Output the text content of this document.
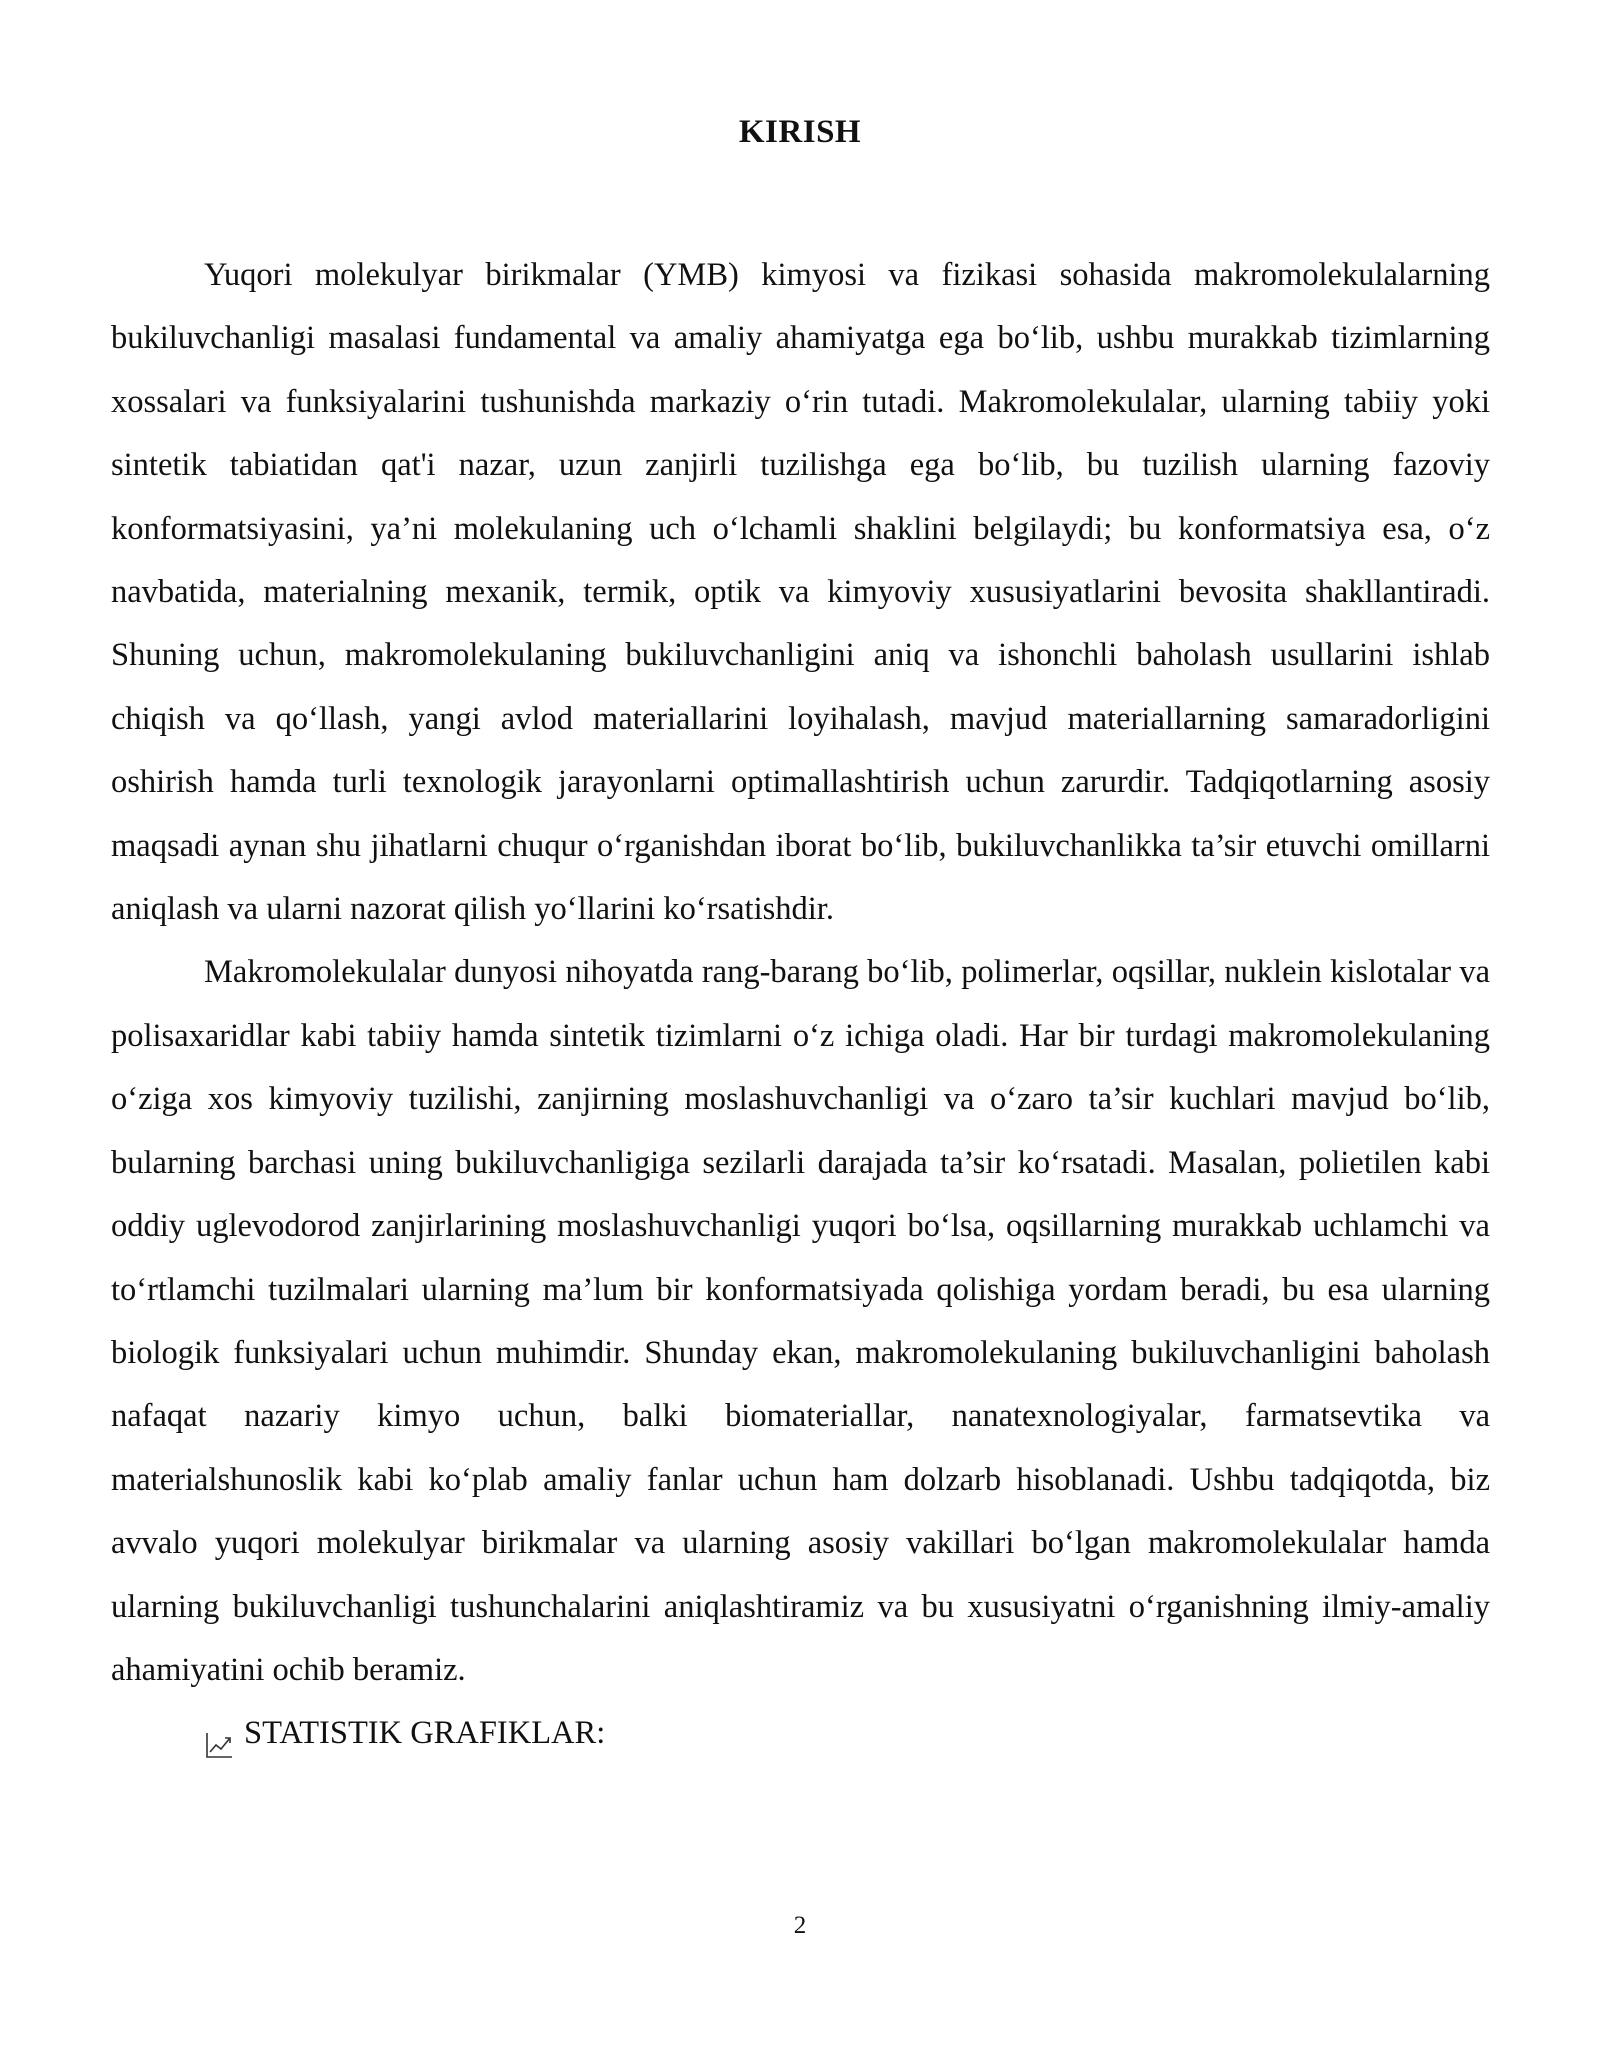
KIRISH

Yuqori molekulyar birikmalar (YMB) kimyosi va fizikasi sohasida makromolekulalarning bukiluvchanligi masalasi fundamental va amaliy ahamiyatga ega bo‘lib, ushbu murakkab tizimlarning xossalari va funksiyalarini tushunishda markaziy o‘rin tutadi. Makromolekulalar, ularning tabiiy yoki sintetik tabiatidan qat'i nazar, uzun zanjirli tuzilishga ega bo‘lib, bu tuzilish ularning fazoviy konformatsiyasini, ya’ni molekulaning uch o‘lchamli shaklini belgilaydi; bu konformatsiya esa, o‘z navbatida, materialning mexanik, termik, optik va kimyoviy xususiyatlarini bevosita shakllantiradi. Shuning uchun, makromolekulaning bukiluvchanligini aniq va ishonchli baholash usullarini ishlab chiqish va qo‘llash, yangi avlod materiallarini loyihalash, mavjud materiallarning samaradorligini oshirish hamda turli texnologik jarayonlarni optimallashtirish uchun zarurdir. Tadqiqotlarning asosiy maqsadi aynan shu jihatlarni chuqur o‘rganishdan iborat bo‘lib, bukiluvchanlikka ta’sir etuvchi omillarni aniqlash va ularni nazorat qilish yo‘llarini ko‘rsatishdir.

Makromolekulalar dunyosi nihoyatda rang-barang bo‘lib, polimerlar, oqsillar, nuklein kislotalar va polisaxaridlar kabi tabiiy hamda sintetik tizimlarni o‘z ichiga oladi. Har bir turdagi makromolekulaning o‘ziga xos kimyoviy tuzilishi, zanjirning moslashuvchanligi va o‘zaro ta’sir kuchlari mavjud bo‘lib, bularning barchasi uning bukiluvchanligiga sezilarli darajada ta’sir ko‘rsatadi. Masalan, polietilen kabi oddiy uglevodorod zanjirlarining moslashuvchanligi yuqori bo‘lsa, oqsillarning murakkab uchlamchi va to‘rtlamchi tuzilmalari ularning ma’lum bir konformatsiyada qolishiga yordam beradi, bu esa ularning biologik funksiyalari uchun muhimdir. Shunday ekan, makromolekulaning bukiluvchanligini baholash nafaqat nazariy kimyo uchun, balki biomateriallar, nanatexnologiyalar, farmatsevtika va materialshunoslik kabi ko‘plab amaliy fanlar uchun ham dolzarb hisoblanadi. Ushbu tadqiqotda, biz avvalo yuqori molekulyar birikmalar va ularning asosiy vakillari bo‘lgan makromolekulalar hamda ularning bukiluvchanligi tushunchalarini aniqlashtiramiz va bu xususiyatni o‘rganishning ilmiy-amaliy ahamiyatini ochib beramiz.

STATISTIK GRAFIKLAR:
2
